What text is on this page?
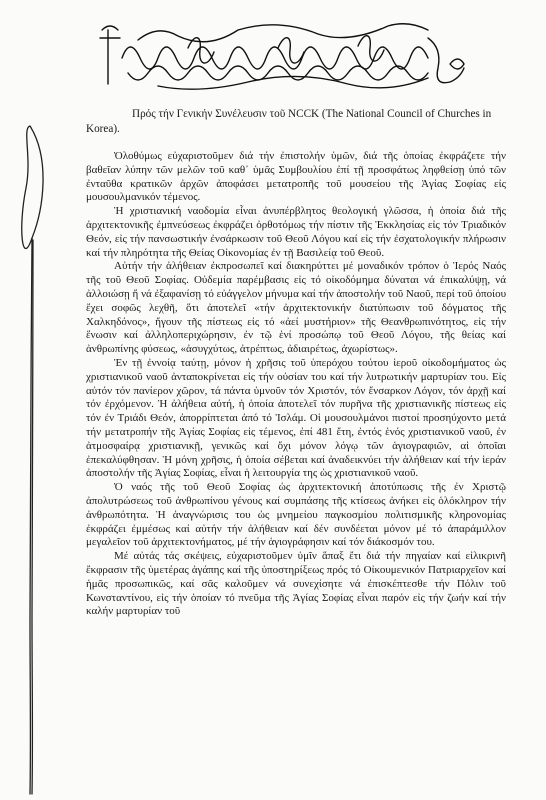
Πρός τήν Γενικήν Συνέλευσιν τοῦ NCCK (The National Council of Churches in Korea).

Ὁλοθύμως εὐχαριστοῦμεν διά τήν ἐπιστολήν ὑμῶν, διά τῆς ὁποίας ἐκφράζετε τήν βαθεῖαν λύπην τῶν μελῶν τοῦ καθ᾽ ὑμᾶς Συμβουλίου ἐπί τῇ προσφάτως ληφθείσῃ ὑπό τῶν ἐνταῦθα κρατικῶν ἀρχῶν ἀποφάσει μετατροπῆς τοῦ μουσείου τῆς Ἁγίας Σοφίας εἰς μουσουλμανικόν τέμενος.

Ἡ χριστιανική ναοδομία εἶναι ἀνυπέρβλητος θεολογική γλῶσσα, ἡ ὁποία διά τῆς ἀρχιτεκτονικῆς ἐμπνεύσεως ἐκφράζει ὀρθοτόμως τήν πίστιν τῆς Ἐκκλησίας εἰς τόν Τριαδικόν Θεόν, εἰς τήν πανσωστικήν ἐνσάρκωσιν τοῦ Θεοῦ Λόγου καί εἰς τήν ἐσχατολογικήν πλήρωσιν καί τήν πληρότητα τῆς Θείας Οἰκονομίας ἐν τῇ Βασιλείᾳ τοῦ Θεοῦ.

Αὐτήν τήν ἀλήθειαν ἐκπροσωπεῖ καί διακηρύττει μέ μοναδικόν τρόπον ὁ Ἱερός Ναός τῆς τοῦ Θεοῦ Σοφίας. Οὐδεμία παρέμβασις εἰς τό οἰκοδόμημα δύναται νά ἐπικαλύψῃ, νά ἀλλοιώσῃ ἤ νά ἐξαφανίσῃ τό εὐάγγελον μήνυμα καί τήν ἀποστολήν τοῦ Ναοῦ, περί τοῦ ὁποίου ἔχει σοφῶς λεχθῆ, ὅτι ἀποτελεῖ «τήν ἀρχιτεκτονικήν διατύπωσιν τοῦ δόγματος τῆς Χαλκηδόνος», ἤγουν τῆς πίστεως εἰς τό «ἀεί μυστήριον» τῆς Θεανθρωπινότητος, εἰς τήν ἕνωσιν καί ἀλληλοπεριχώρησιν, ἐν τῷ ἑνί προσώπῳ τοῦ Θεοῦ Λόγου, τῆς θείας καί ἀνθρωπίνης φύσεως, «ἀσυγχύτως, ἀτρέπτως, ἀδιαιρέτως, ἀχωρίστως».

Ἐν τῇ ἐννοίᾳ ταύτῃ, μόνον ἡ χρῆσις τοῦ ὑπερόχου τούτου ἱεροῦ οἰκοδομήματος ὡς χριστιανικοῦ ναοῦ ἀνταποκρίνεται εἰς τήν οὐσίαν του καί τήν λυτρωτικήν μαρτυρίαν του. Εἰς αὐτόν τόν πανίερον χῶρον, τά πάντα ὑμνοῦν τόν Χριστόν, τόν ἔνσαρκον Λόγον, τόν ἀρχῇ καί τόν ἐρχόμενον. Ἡ ἀλήθεια αὐτή, ἡ ὁποία ἀποτελεῖ τόν πυρῆνα τῆς χριστιανικῆς πίστεως εἰς τόν ἐν Τριάδι Θεόν, ἀπορρίπτεται ἀπό τό Ἰσλάμ. Οἱ μουσουλμάνοι πιστοί προσηύχοντο μετά τήν μετατροπήν τῆς Ἁγίας Σοφίας εἰς τέμενος, ἐπί 481 ἔτη, ἐντός ἑνός χριστιανικοῦ ναοῦ, ἐν ἀτμοσφαίρᾳ χριστιανικῇ, γενικῶς καί ὄχι μόνον λόγῳ τῶν ἁγιογραφιῶν, αἱ ὁποῖαι ἐπεκαλύφθησαν. Ἡ μόνη χρῆσις, ἡ ὁποία σέβεται καί ἀναδεικνύει τήν ἀλήθειαν καί τήν ἱεράν ἀποστολήν τῆς Ἁγίας Σοφίας, εἶναι ἡ λειτουργία της ὡς χριστιανικοῦ ναοῦ.

Ὁ ναός τῆς τοῦ Θεοῦ Σοφίας ὡς ἀρχιτεκτονική ἀποτύπωσις τῆς ἐν Χριστῷ ἀπολυτρώσεως τοῦ ἀνθρωπίνου γένους καί συμπάσης τῆς κτίσεως ἀνήκει εἰς ὁλόκληρον τήν ἀνθρωπότητα. Ἡ ἀναγνώρισις του ὡς μνημείου παγκοσμίου πολιτισμικῆς κληρονομίας ἐκφράζει ἐμμέσως καί αὐτήν τήν ἀλήθειαν καί δέν συνδέεται μόνον μέ τό ἀπαράμιλλον μεγαλεῖον τοῦ ἀρχιτεκτονήματος, μέ τήν ἁγιογράφησιν καί τόν διάκοσμόν του.

Μέ αὐτάς τάς σκέψεις, εὐχαριστοῦμεν ὑμῖν ἅπαξ ἔτι διά τήν πηγαίαν καί εἰλικρινῆ ἔκφρασιν τῆς ὑμετέρας ἀγάπης καί τῆς ὑποστηρίξεως πρός τό Οἰκουμενικόν Πατριαρχεῖον καί ἡμᾶς προσωπικῶς, καί σᾶς καλοῦμεν νά συνεχίσητε νά ἐπισκέπτεσθε τήν Πόλιν τοῦ Κωνσταντίνου, εἰς τήν ὁποίαν τό πνεῦμα τῆς Ἁγίας Σοφίας εἶναι παρόν εἰς τήν ζωήν καί τήν καλήν μαρτυρίαν τοῦ
